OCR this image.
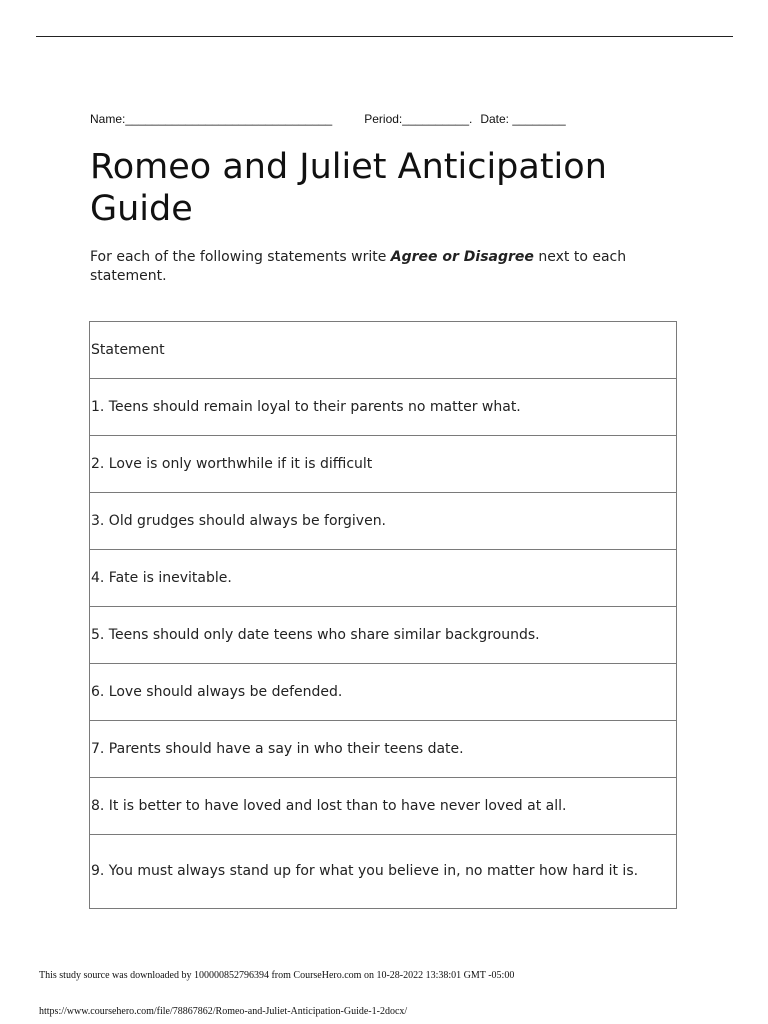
Name:_______________________________	Period:__________. Date: ________
Romeo and Juliet Anticipation Guide

For each of the following statements write Agree or Disagree next to each statement.

Statement
1. Teens should remain loyal to their parents no matter what.
2. Love is only worthwhile if it is difficult
3. Old grudges should always be forgiven.
4. Fate is inevitable.
5. Teens should only date teens who share similar backgrounds.
6. Love should always be defended.
7. Parents should have a say in who their teens date.
8. It is better to have loved and lost than to have never loved at all.
9. You must always stand up for what you believe in, no matter how hard it is.
This study source was downloaded by 100000852796394 from CourseHero.com on 10-28-2022 13:38:01 GMT -05:00
https://www.coursehero.com/file/78867862/Romeo-and-Juliet-Anticipation-Guide-1-2docx/
